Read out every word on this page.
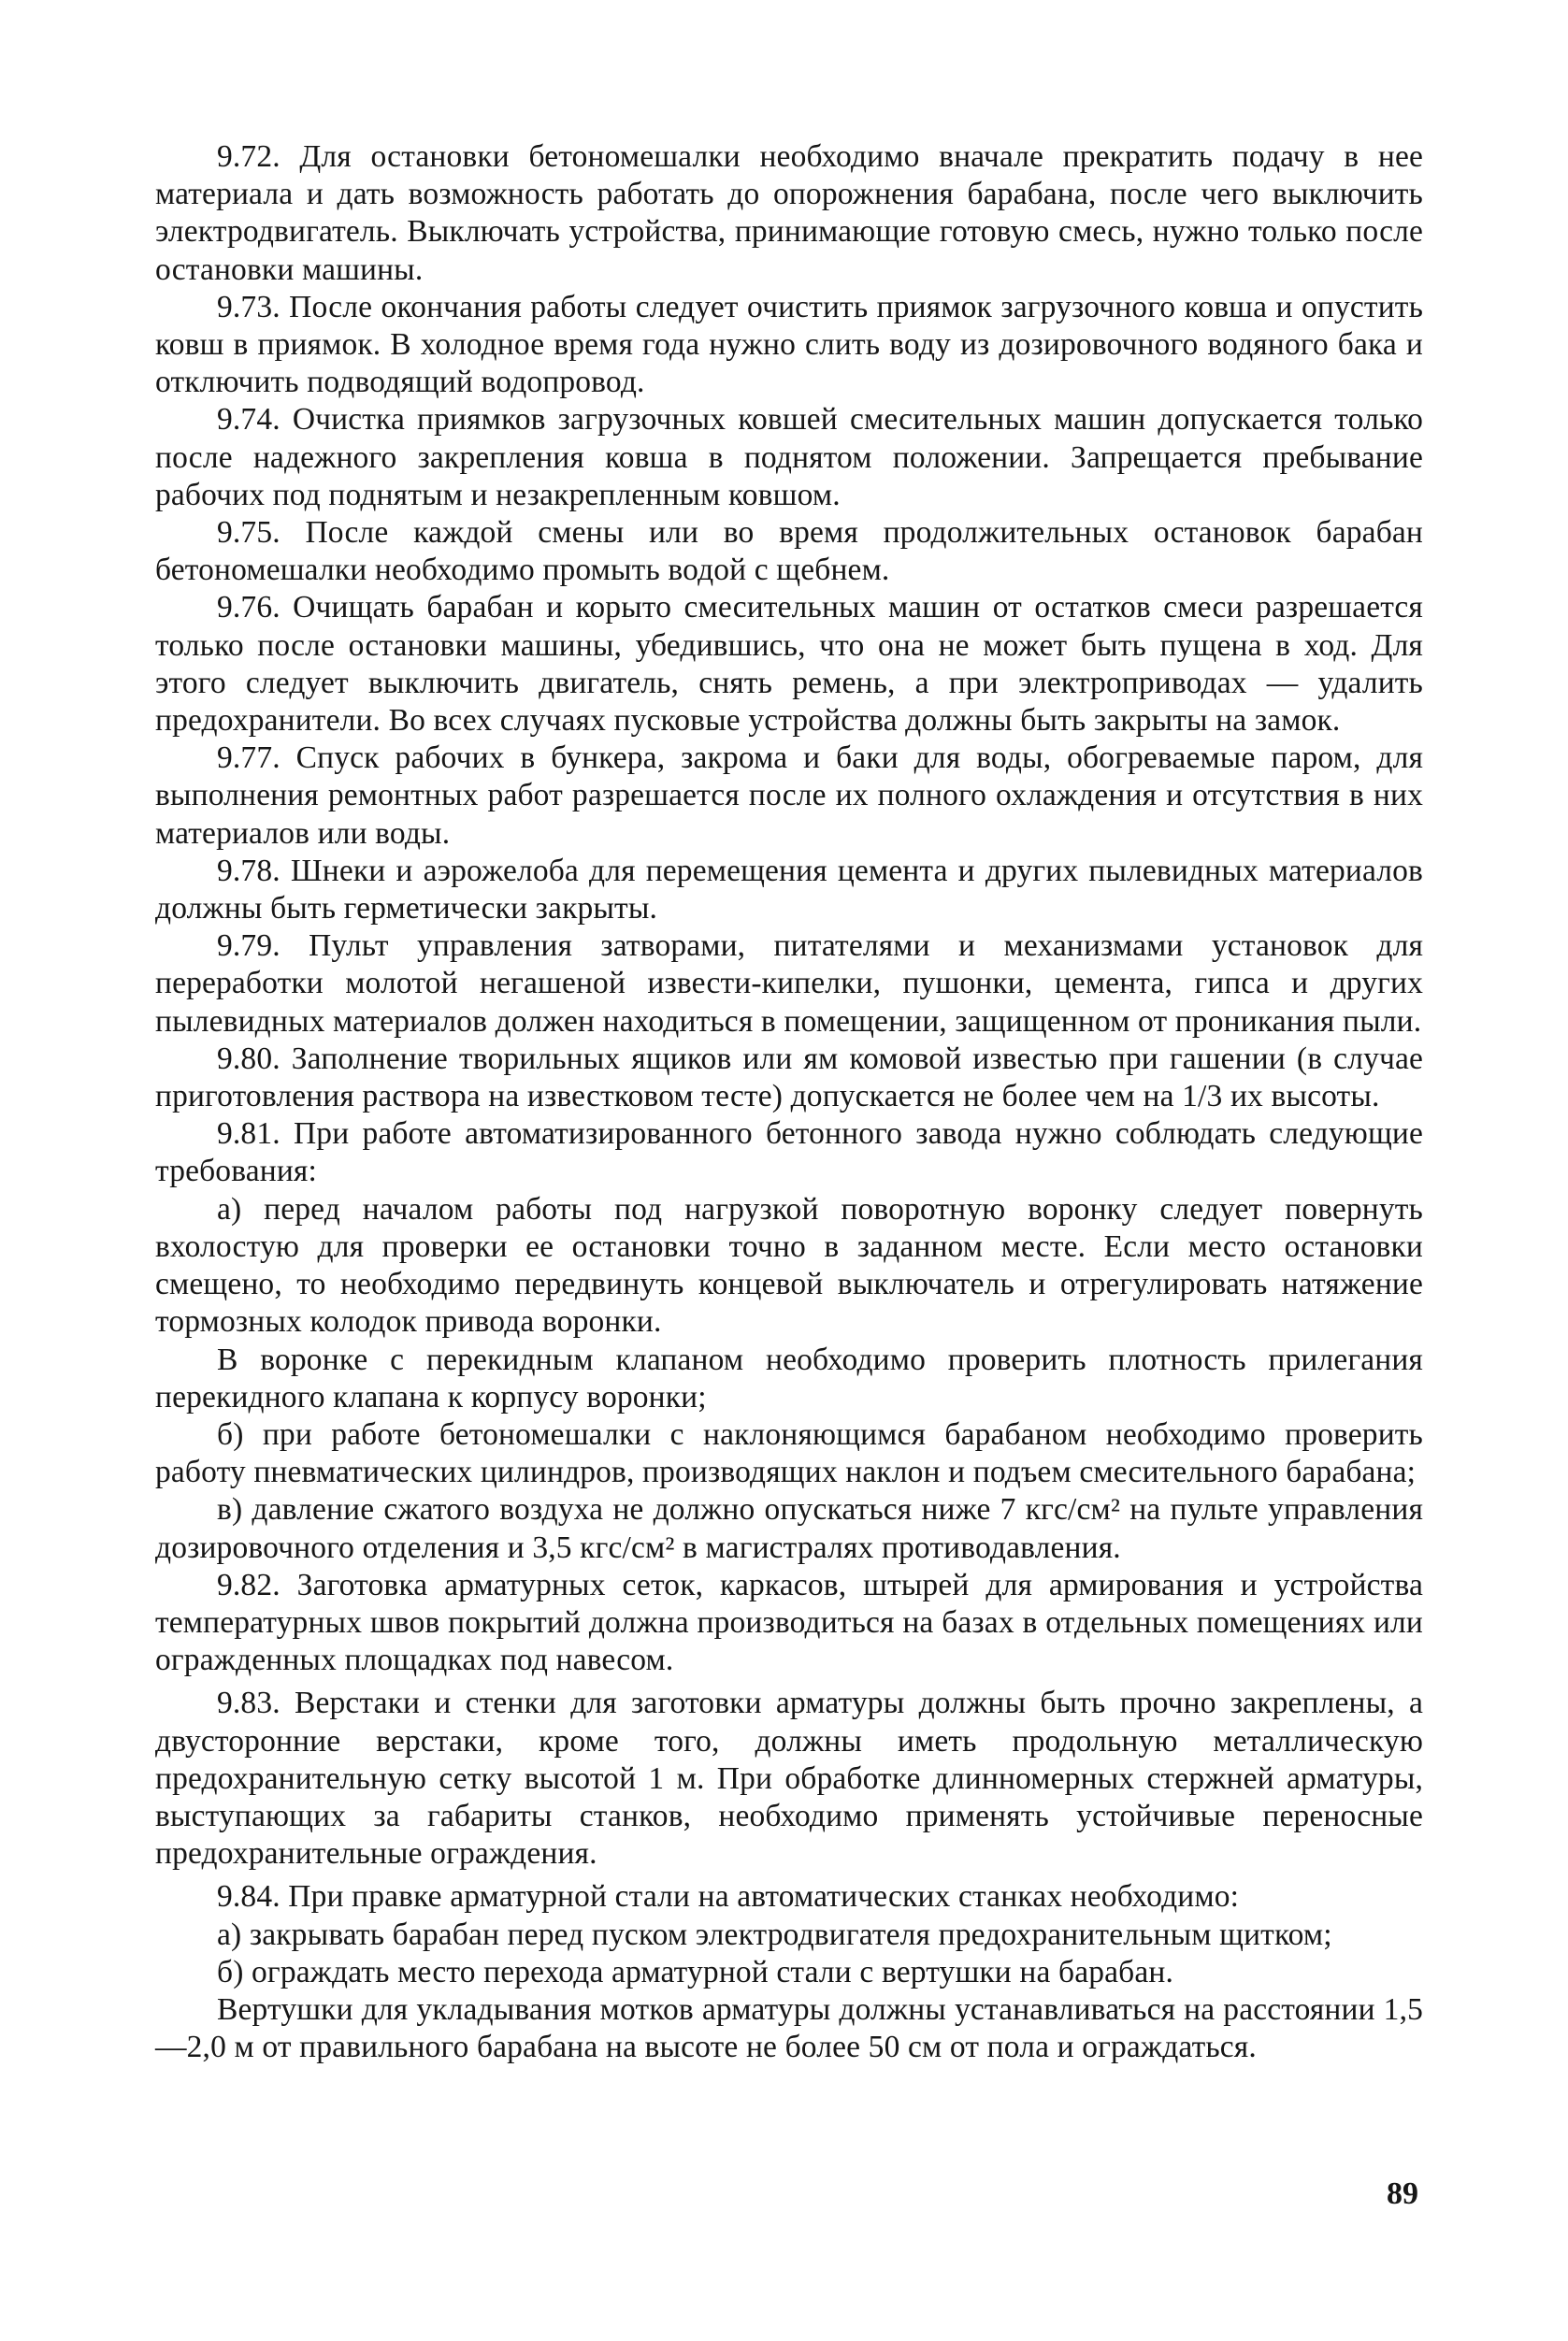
9.72. Для остановки бетономешалки необходимо вначале прекратить подачу в нее материала и дать возможность работать до опорожнения барабана, после чего выключить электродвигатель. Выключать устройства, принимающие готовую смесь, нужно только после остановки машины.

9.73. После окончания работы следует очистить приямок загрузочного ковша и опустить ковш в приямок. В холодное время года нужно слить воду из дозировочного водяного бака и отключить подводящий водопровод.

9.74. Очистка приямков загрузочных ковшей смесительных машин допускается только после надежного закрепления ковша в поднятом положении. Запрещается пребывание рабочих под поднятым и незакрепленным ковшом.

9.75. После каждой смены или во время продолжительных остановок барабан бетономешалки необходимо промыть водой с щебнем.

9.76. Очищать барабан и корыто смесительных машин от остатков смеси разрешается только после остановки машины, убедившись, что она не может быть пущена в ход. Для этого следует выключить двигатель, снять ремень, а при электроприводах — удалить предохранители. Во всех случаях пусковые устройства должны быть закрыты на замок.

9.77. Спуск рабочих в бункера, закрома и баки для воды, обогреваемые паром, для выполнения ремонтных работ разрешается после их полного охлаждения и отсутствия в них материалов или воды.

9.78. Шнеки и аэрожелоба для перемещения цемента и других пылевидных материалов должны быть герметически закрыты.

9.79. Пульт управления затворами, питателями и механизмами установок для переработки молотой негашеной извести-кипелки, пушонки, цемента, гипса и других пылевидных материалов должен находиться в помещении, защищенном от проникания пыли.

9.80. Заполнение творильных ящиков или ям комовой известью при гашении (в случае приготовления раствора на известковом тесте) допускается не более чем на 1/3 их высоты.

9.81. При работе автоматизированного бетонного завода нужно соблюдать следующие требования:

а) перед началом работы под нагрузкой поворотную воронку следует повернуть вхолостую для проверки ее остановки точно в заданном месте. Если место остановки смещено, то необходимо передвинуть концевой выключатель и отрегулировать натяжение тормозных колодок привода воронки.

В воронке с перекидным клапаном необходимо проверить плотность прилегания перекидного клапана к корпусу воронки;

б) при работе бетономешалки с наклоняющимся барабаном необходимо проверить работу пневматических цилиндров, производящих наклон и подъем смесительного барабана;

в) давление сжатого воздуха не должно опускаться ниже 7 кгс/см² на пульте управления дозировочного отделения и 3,5 кгс/см² в магистралях противодавления.

9.82. Заготовка арматурных сеток, каркасов, штырей для армирования и устройства температурных швов покрытий должна производиться на базах в отдельных помещениях или огражденных площадках под навесом.

9.83. Верстаки и стенки для заготовки арматуры должны быть прочно закреплены, а двусторонние верстаки, кроме того, должны иметь продольную металлическую предохранительную сетку высотой 1 м. При обработке длинномерных стержней арматуры, выступающих за габариты станков, необходимо применять устойчивые переносные предохранительные ограждения.

9.84. При правке арматурной стали на автоматических станках необходимо:

а) закрывать барабан перед пуском электродвигателя предохранительным щитком;

б) ограждать место перехода арматурной стали с вертушки на барабан.

Вертушки для укладывания мотков арматуры должны устанавливаться на расстоянии 1,5—2,0 м от правильного барабана на высоте не более 50 см от пола и ограждаться.

89
